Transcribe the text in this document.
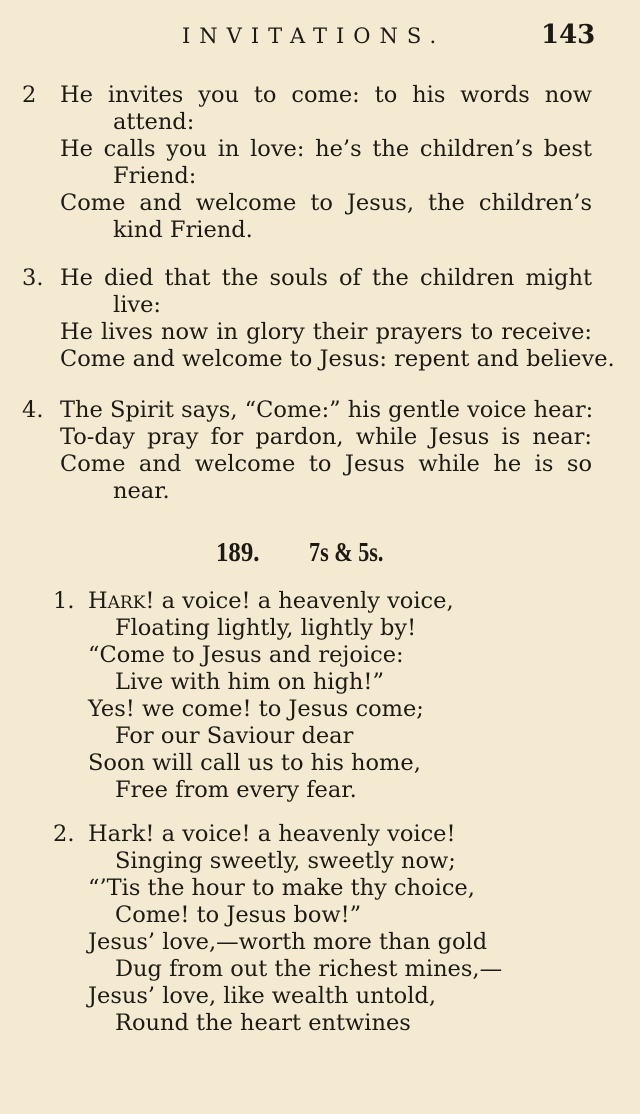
INVITATIONS.	143
2 He invites you to come: to his words now
attend:
He calls you in love: he’s the children’s best
Friend:
Come and welcome to Jesus, the children’s
kind Friend.
3. He died that the souls of the children might
live:
He lives now in glory their prayers to receive:
Come and welcome to Jesus: repent and believe.
4. The Spirit says, “Come:” his gentle voice hear:
To-day pray for pardon, while Jesus is near:
Come and welcome to Jesus while he is so
near.
189. 7s & 5s.
1. HARK! a voice! a heavenly voice,
Floating lightly, lightly by!
“Come to Jesus and rejoice:
Live with him on high!”
Yes! we come! to Jesus come;
For our Saviour dear
Soon will call us to his home,
Free from every fear.
2. Hark! a voice! a heavenly voice!
Singing sweetly, sweetly now;
“’Tis the hour to make thy choice,
Come! to Jesus bow!”
Jesus’ love,—worth more than gold
Dug from out the richest mines,—
Jesus’ love, like wealth untold,
Round the heart entwines
